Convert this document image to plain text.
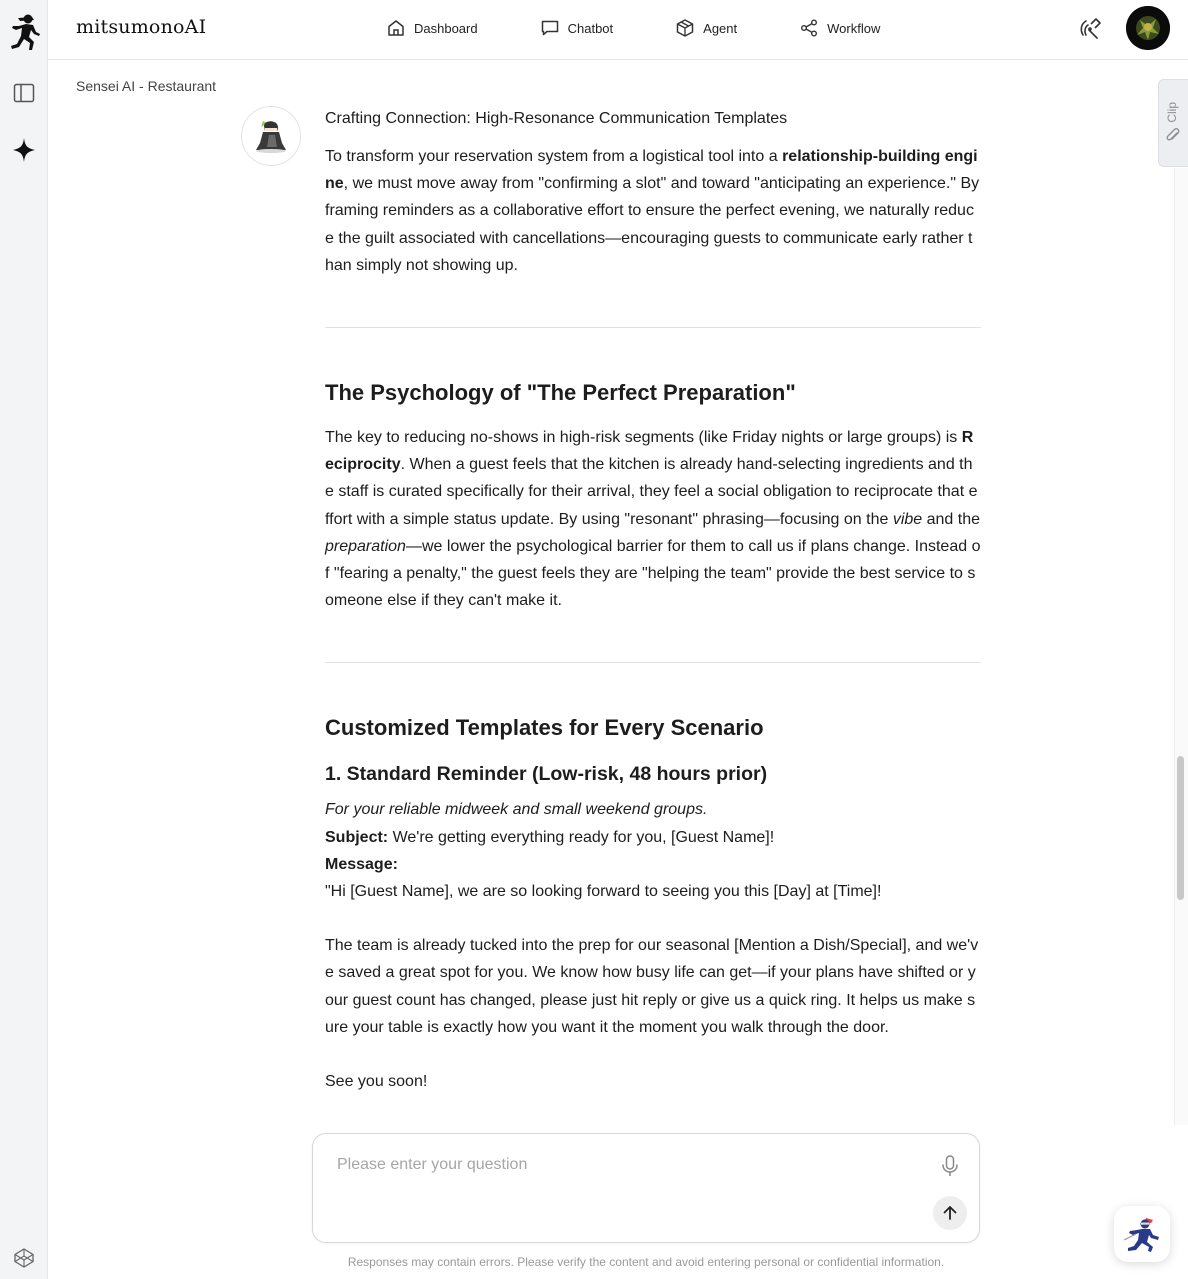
mitsumonoAI	Dashboard	Chatbot	Agent	Workflow
Sensei AI - Restaurant
Clip

Crafting Connection: High-Resonance Communication Templates

To transform your reservation system from a logistical tool into a relationship-building engine, we must move away from "confirming a slot" and toward "anticipating an experience." By framing reminders as a collaborative effort to ensure the perfect evening, we naturally reduce the guilt associated with cancellations—encouraging guests to communicate early rather than simply not showing up.

The Psychology of "The Perfect Preparation"

The key to reducing no-shows in high-risk segments (like Friday nights or large groups) is Reciprocity. When a guest feels that the kitchen is already hand-selecting ingredients and the staff is curated specifically for their arrival, they feel a social obligation to reciprocate that effort with a simple status update. By using "resonant" phrasing—focusing on the vibe and the preparation—we lower the psychological barrier for them to call us if plans change. Instead of "fearing a penalty," the guest feels they are "helping the team" provide the best service to someone else if they can't make it.

Customized Templates for Every Scenario
1. Standard Reminder (Low-risk, 48 hours prior)

For your reliable midweek and small weekend groups.

Subject: We're getting everything ready for you, [Guest Name]!

Message:

"Hi [Guest Name], we are so looking forward to seeing you this [Day] at [Time]!

The team is already tucked into the prep for our seasonal [Mention a Dish/Special], and we've saved a great spot for you. We know how busy life can get—if your plans have shifted or your guest count has changed, please just hit reply or give us a quick ring. It helps us make sure your table is exactly how you want it the moment you walk through the door.

See you soon!

Please enter your question
Responses may contain errors. Please verify the content and avoid entering personal or confidential information.
